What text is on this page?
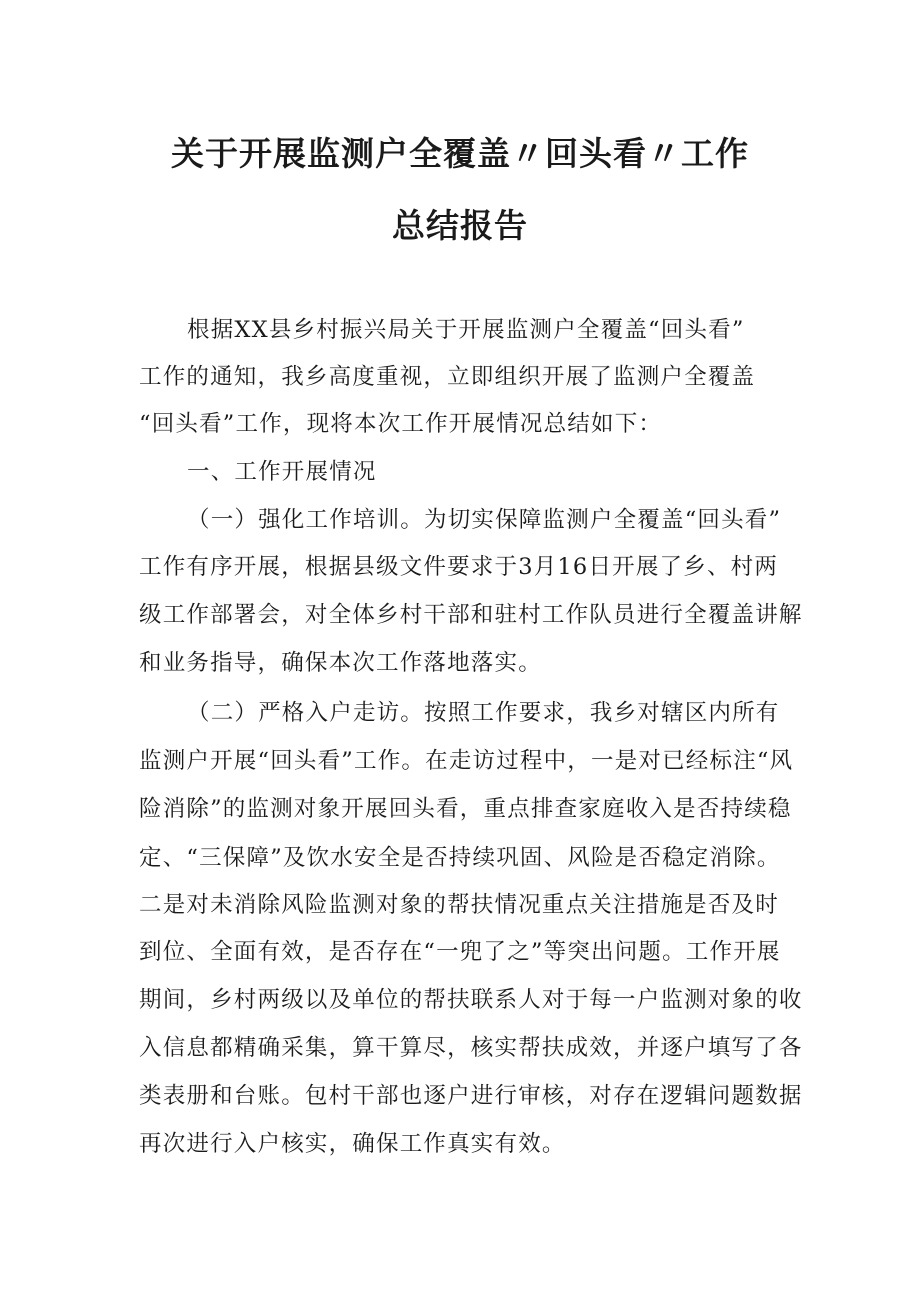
关于开展监测户全覆盖〃回头看〃工作
总结报告
根据XX县乡村振兴局关于开展监测户全覆盖“回头看”
工作的通知，我乡高度重视，立即组织开展了监测户全覆盖
“回头看”工作，现将本次工作开展情况总结如下：
一、工作开展情况
（一）强化工作培训。为切实保障监测户全覆盖“回头看”
工作有序开展，根据县级文件要求于3月16日开展了乡、村两
级工作部署会，对全体乡村干部和驻村工作队员进行全覆盖讲解
和业务指导，确保本次工作落地落实。
（二）严格入户走访。按照工作要求，我乡对辖区内所有
监测户开展“回头看”工作。在走访过程中，一是对已经标注“风
险消除”的监测对象开展回头看，重点排查家庭收入是否持续稳
定、“三保障”及饮水安全是否持续巩固、风险是否稳定消除。
二是对未消除风险监测对象的帮扶情况重点关注措施是否及时
到位、全面有效，是否存在“一兜了之”等突出问题。工作开展
期间，乡村两级以及单位的帮扶联系人对于每一户监测对象的收
入信息都精确采集，算干算尽，核实帮扶成效，并逐户填写了各
类表册和台账。包村干部也逐户进行审核，对存在逻辑问题数据
再次进行入户核实，确保工作真实有效。
